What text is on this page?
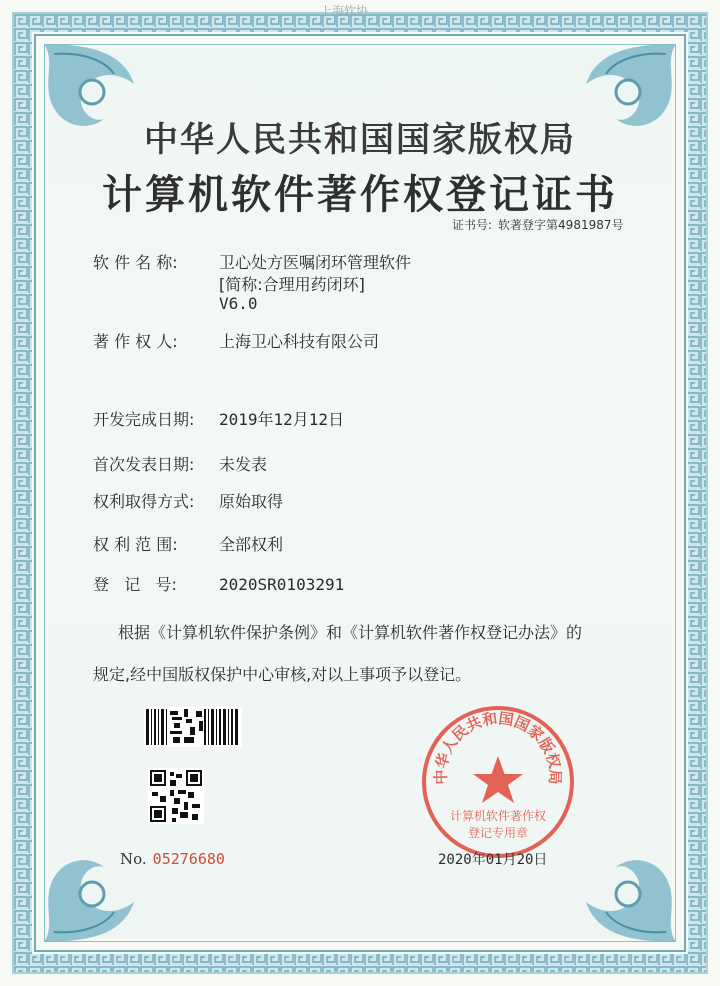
上海软协
中华人民共和国国家版权局
计算机软件著作权登记证书
证书号: 软著登字第4981987号
软 件 名 称:	卫心处方医嘱闭环管理软件
[简称:合理用药闭环]
V6.0
著 作 权 人:	上海卫心科技有限公司
开发完成日期: 2019年12月12日
首次发表日期: 未发表
权利取得方式: 原始取得
权 利 范 围:	全部权利
登   记   号:	2020SR0103291
根据《计算机软件保护条例》和《计算机软件著作权登记办法》的
规定,经中国版权保护中心审核,对以上事项予以登记。
中华人民共和国国家版权局
计算机软件著作权
登记专用章
No. 05276680	2020年01月20日
